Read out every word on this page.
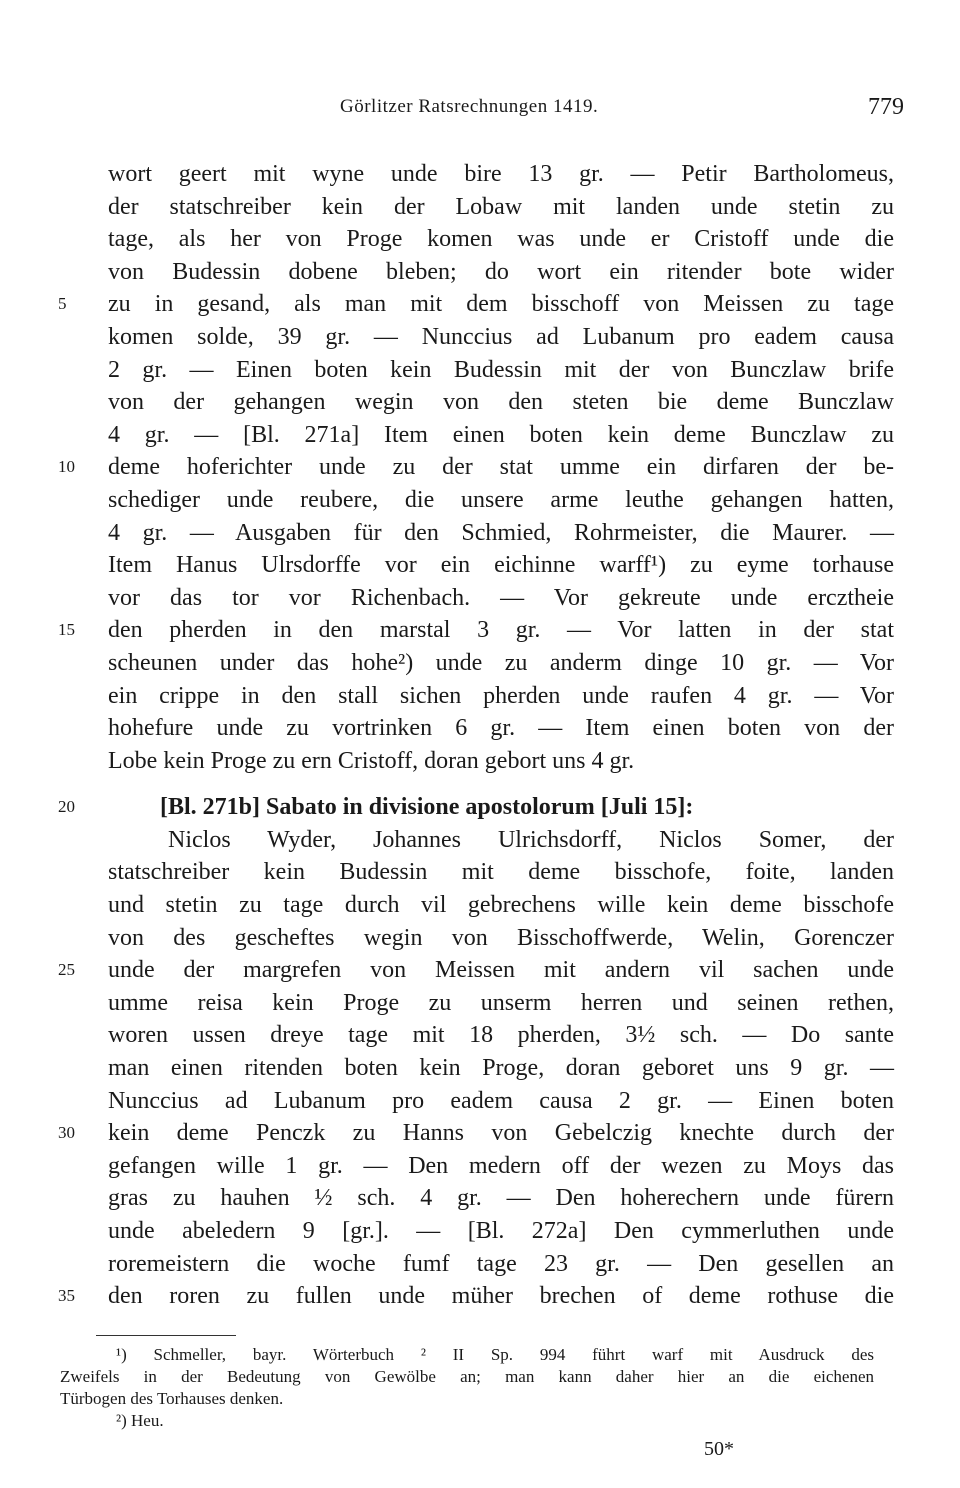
Görlitzer Ratsrechnungen 1419.	779
wort geert mit wyne unde bire 13 gr. — Petir Bartholomeus,
der statschreiber kein der Lobaw mit landen unde stetin zu
tage, als her von Proge komen was unde er Cristoff unde die
von Budessin dobene bleben; do wort ein ritender bote wider
5	zu in gesand, als man mit dem bisschoff von Meissen zu tage
komen solde, 39 gr. — Nunccius ad Lubanum pro eadem causa
2 gr. — Einen boten kein Budessin mit der von Bunczlaw brife
von der gehangen wegin von den steten bie deme Bunczlaw
4 gr. — [Bl. 271a] Item einen boten kein deme Bunczlaw zu
10	deme hoferichter unde zu der stat umme ein dirfaren der be-
schediger unde reubere, die unsere arme leuthe gehangen hatten,
4 gr. — Ausgaben für den Schmied, Rohrmeister, die Maurer. —
Item Hanus Ulrsdorffe vor ein eichinne warff¹) zu eyme torhause
vor das tor vor Richenbach. — Vor gekreute unde ercztheie
15	den pherden in den marstal 3 gr. — Vor latten in der stat
scheunen under das hohe²) unde zu anderm dinge 10 gr. — Vor
ein crippe in den stall sichen pherden unde raufen 4 gr. — Vor
hohefure unde zu vortrinken 6 gr. — Item einen boten von der
Lobe kein Proge zu ern Cristoff, doran gebort uns 4 gr.
20	[Bl. 271b] Sabato in divisione apostolorum [Juli 15]:
Niclos Wyder, Johannes Ulrichsdorff, Niclos Somer, der
statschreiber kein Budessin mit deme bisschofe, foite, landen
und stetin zu tage durch vil gebrechens wille kein deme bisschofe
von des gescheftes wegin von Bisschoffwerde, Welin, Gorenczer
25	unde der margrefen von Meissen mit andern vil sachen unde
umme reisa kein Proge zu unserm herren und seinen rethen,
woren ussen dreye tage mit 18 pherden, 3½ sch. — Do sante
man einen ritenden boten kein Proge, doran geboret uns 9 gr. —
Nunccius ad Lubanum pro eadem causa 2 gr. — Einen boten
30	kein deme Penczk zu Hanns von Gebelczig knechte durch der
gefangen wille 1 gr. — Den medern off der wezen zu Moys das
gras zu hauhen ½ sch. 4 gr. — Den hoherechern unde fürern
unde abeledern 9 [gr.]. — [Bl. 272a] Den cymmerluthen unde
roremeistern die woche fumf tage 23 gr. — Den gesellen an
35	den roren zu fullen unde müher brechen of deme rothuse die
¹) Schmeller, bayr. Wörterbuch ² II Sp. 994 führt warf mit Ausdruck des
Zweifels in der Bedeutung von Gewölbe an; man kann daher hier an die eichenen
Türbogen des Torhauses denken.
²) Heu.
50*
